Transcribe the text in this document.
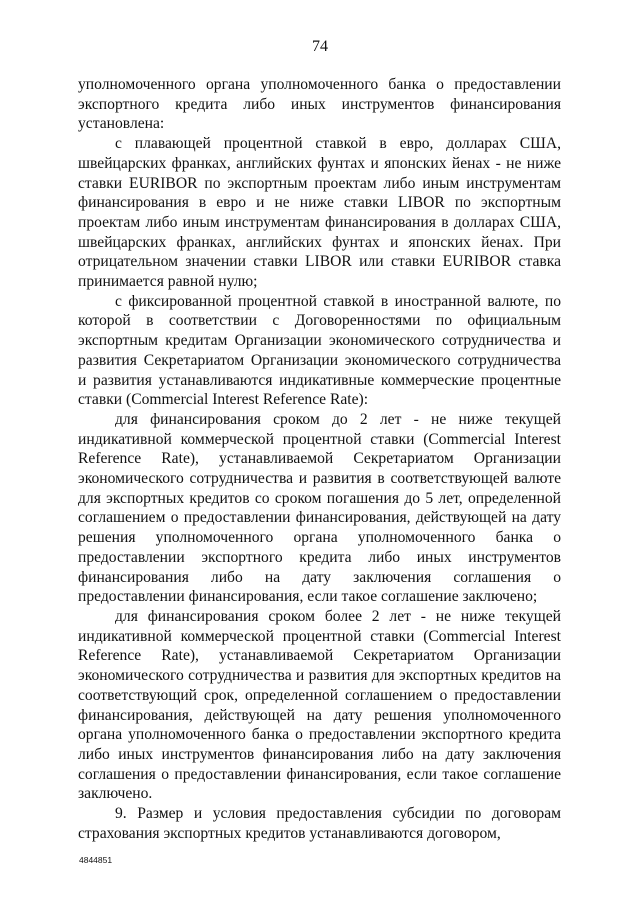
74

уполномоченного органа уполномоченного банка о предоставлении экспортного кредита либо иных инструментов финансирования установлена:

с плавающей процентной ставкой в евро, долларах США, швейцарских франках, английских фунтах и японских йенах - не ниже ставки EURIBOR по экспортным проектам либо иным инструментам финансирования в евро и не ниже ставки LIBOR по экспортным проектам либо иным инструментам финансирования в долларах США, швейцарских франках, английских фунтах и японских йенах. При отрицательном значении ставки LIBOR или ставки EURIBOR ставка принимается равной нулю;

с фиксированной процентной ставкой в иностранной валюте, по которой в соответствии с Договоренностями по официальным экспортным кредитам Организации экономического сотрудничества и развития Секретариатом Организации экономического сотрудничества и развития устанавливаются индикативные коммерческие процентные ставки (Commercial Interest Reference Rate):

для финансирования сроком до 2 лет - не ниже текущей индикативной коммерческой процентной ставки (Commercial Interest Reference Rate), устанавливаемой Секретариатом Организации экономического сотрудничества и развития в соответствующей валюте для экспортных кредитов со сроком погашения до 5 лет, определенной соглашением о предоставлении финансирования, действующей на дату решения уполномоченного органа уполномоченного банка о предоставлении экспортного кредита либо иных инструментов финансирования либо на дату заключения соглашения о предоставлении финансирования, если такое соглашение заключено;

для финансирования сроком более 2 лет - не ниже текущей индикативной коммерческой процентной ставки (Commercial Interest Reference Rate), устанавливаемой Секретариатом Организации экономического сотрудничества и развития для экспортных кредитов на соответствующий срок, определенной соглашением о предоставлении финансирования, действующей на дату решения уполномоченного органа уполномоченного банка о предоставлении экспортного кредита либо иных инструментов финансирования либо на дату заключения соглашения о предоставлении финансирования, если такое соглашение заключено.

9. Размер и условия предоставления субсидии по договорам страхования экспортных кредитов устанавливаются договором,

4844851
